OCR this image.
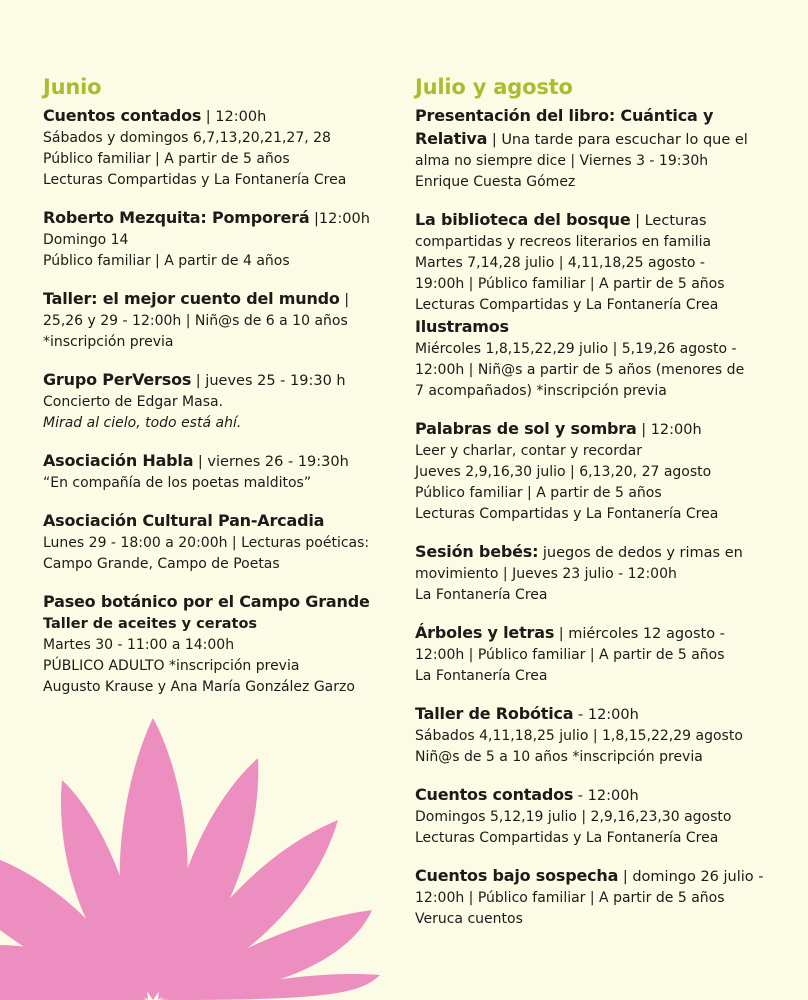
Junio
Cuentos contados | 12:00h
Sábados y domingos 6,7,13,20,21,27, 28
Público familiar | A partir de 5 años
Lecturas Compartidas y La Fontanería Crea
Roberto Mezquita: Pomporerá |12:00h
Domingo 14
Público familiar | A partir de 4 años
Taller: el mejor cuento del mundo |
25,26 y 29 - 12:00h | Niñ@s de 6 a 10 años
*inscripción previa
Grupo PerVersos | jueves 25 - 19:30 h
Concierto de Edgar Masa.
Mirad al cielo, todo está ahí.
Asociación Habla | viernes 26 - 19:30h
“En compañía de los poetas malditos”
Asociación Cultural Pan-Arcadia
Lunes 29 - 18:00 a 20:00h | Lecturas poéticas:
Campo Grande, Campo de Poetas
Paseo botánico por el Campo Grande
Taller de aceites y ceratos
Martes 30 - 11:00 a 14:00h
PÚBLICO ADULTO *inscripción previa
Augusto Krause y Ana María González Garzo
Julio y agosto
Presentación del libro: Cuántica y
Relativa | Una tarde para escuchar lo que el
alma no siempre dice | Viernes 3 - 19:30h
Enrique Cuesta Gómez
La biblioteca del bosque | Lecturas
compartidas y recreos literarios en familia
Martes 7,14,28 julio | 4,11,18,25 agosto -
19:00h | Público familiar | A partir de 5 años
Lecturas Compartidas y La Fontanería Crea
Ilustramos
Miércoles 1,8,15,22,29 julio | 5,19,26 agosto -
12:00h | Niñ@s a partir de 5 años (menores de
7 acompañados) *inscripción previa
Palabras de sol y sombra | 12:00h
Leer y charlar, contar y recordar
Jueves 2,9,16,30 julio | 6,13,20, 27 agosto
Público familiar | A partir de 5 años
Lecturas Compartidas y La Fontanería Crea
Sesión bebés: juegos de dedos y rimas en
movimiento | Jueves 23 julio - 12:00h
La Fontanería Crea
Árboles y letras | miércoles 12 agosto -
12:00h | Público familiar | A partir de 5 años
La Fontanería Crea
Taller de Robótica - 12:00h
Sábados 4,11,18,25 julio | 1,8,15,22,29 agosto
Niñ@s de 5 a 10 años *inscripción previa
Cuentos contados - 12:00h
Domingos 5,12,19 julio | 2,9,16,23,30 agosto
Lecturas Compartidas y La Fontanería Crea
Cuentos bajo sospecha | domingo 26 julio -
12:00h | Público familiar | A partir de 5 años
Veruca cuentos
